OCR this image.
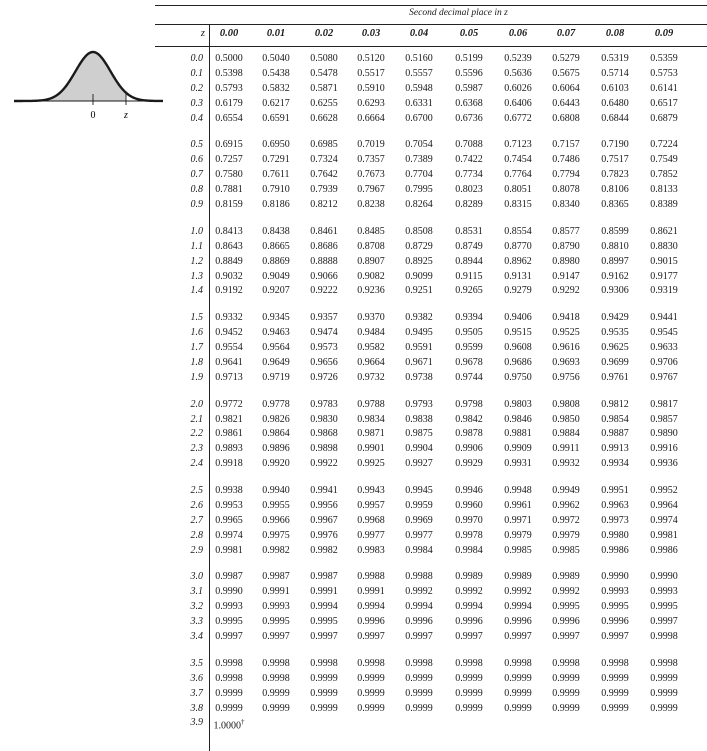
0	z
Second decimal place in z
z	0.00	0.01	0.02	0.03	0.04	0.05	0.06	0.07	0.08	0.09
0.0	0.5000	0.5040	0.5080	0.5120	0.5160	0.5199	0.5239	0.5279	0.5319	0.5359
0.1	0.5398	0.5438	0.5478	0.5517	0.5557	0.5596	0.5636	0.5675	0.5714	0.5753
0.2	0.5793	0.5832	0.5871	0.5910	0.5948	0.5987	0.6026	0.6064	0.6103	0.6141
0.3	0.6179	0.6217	0.6255	0.6293	0.6331	0.6368	0.6406	0.6443	0.6480	0.6517
0.4	0.6554	0.6591	0.6628	0.6664	0.6700	0.6736	0.6772	0.6808	0.6844	0.6879
0.5	0.6915	0.6950	0.6985	0.7019	0.7054	0.7088	0.7123	0.7157	0.7190	0.7224
0.6	0.7257	0.7291	0.7324	0.7357	0.7389	0.7422	0.7454	0.7486	0.7517	0.7549
0.7	0.7580	0.7611	0.7642	0.7673	0.7704	0.7734	0.7764	0.7794	0.7823	0.7852
0.8	0.7881	0.7910	0.7939	0.7967	0.7995	0.8023	0.8051	0.8078	0.8106	0.8133
0.9	0.8159	0.8186	0.8212	0.8238	0.8264	0.8289	0.8315	0.8340	0.8365	0.8389
1.0	0.8413	0.8438	0.8461	0.8485	0.8508	0.8531	0.8554	0.8577	0.8599	0.8621
1.1	0.8643	0.8665	0.8686	0.8708	0.8729	0.8749	0.8770	0.8790	0.8810	0.8830
1.2	0.8849	0.8869	0.8888	0.8907	0.8925	0.8944	0.8962	0.8980	0.8997	0.9015
1.3	0.9032	0.9049	0.9066	0.9082	0.9099	0.9115	0.9131	0.9147	0.9162	0.9177
1.4	0.9192	0.9207	0.9222	0.9236	0.9251	0.9265	0.9279	0.9292	0.9306	0.9319
1.5	0.9332	0.9345	0.9357	0.9370	0.9382	0.9394	0.9406	0.9418	0.9429	0.9441
1.6	0.9452	0.9463	0.9474	0.9484	0.9495	0.9505	0.9515	0.9525	0.9535	0.9545
1.7	0.9554	0.9564	0.9573	0.9582	0.9591	0.9599	0.9608	0.9616	0.9625	0.9633
1.8	0.9641	0.9649	0.9656	0.9664	0.9671	0.9678	0.9686	0.9693	0.9699	0.9706
1.9	0.9713	0.9719	0.9726	0.9732	0.9738	0.9744	0.9750	0.9756	0.9761	0.9767
2.0	0.9772	0.9778	0.9783	0.9788	0.9793	0.9798	0.9803	0.9808	0.9812	0.9817
2.1	0.9821	0.9826	0.9830	0.9834	0.9838	0.9842	0.9846	0.9850	0.9854	0.9857
2.2	0.9861	0.9864	0.9868	0.9871	0.9875	0.9878	0.9881	0.9884	0.9887	0.9890
2.3	0.9893	0.9896	0.9898	0.9901	0.9904	0.9906	0.9909	0.9911	0.9913	0.9916
2.4	0.9918	0.9920	0.9922	0.9925	0.9927	0.9929	0.9931	0.9932	0.9934	0.9936
2.5	0.9938	0.9940	0.9941	0.9943	0.9945	0.9946	0.9948	0.9949	0.9951	0.9952
2.6	0.9953	0.9955	0.9956	0.9957	0.9959	0.9960	0.9961	0.9962	0.9963	0.9964
2.7	0.9965	0.9966	0.9967	0.9968	0.9969	0.9970	0.9971	0.9972	0.9973	0.9974
2.8	0.9974	0.9975	0.9976	0.9977	0.9977	0.9978	0.9979	0.9979	0.9980	0.9981
2.9	0.9981	0.9982	0.9982	0.9983	0.9984	0.9984	0.9985	0.9985	0.9986	0.9986
3.0	0.9987	0.9987	0.9987	0.9988	0.9988	0.9989	0.9989	0.9989	0.9990	0.9990
3.1	0.9990	0.9991	0.9991	0.9991	0.9992	0.9992	0.9992	0.9992	0.9993	0.9993
3.2	0.9993	0.9993	0.9994	0.9994	0.9994	0.9994	0.9994	0.9995	0.9995	0.9995
3.3	0.9995	0.9995	0.9995	0.9996	0.9996	0.9996	0.9996	0.9996	0.9996	0.9997
3.4	0.9997	0.9997	0.9997	0.9997	0.9997	0.9997	0.9997	0.9997	0.9997	0.9998
3.5	0.9998	0.9998	0.9998	0.9998	0.9998	0.9998	0.9998	0.9998	0.9998	0.9998
3.6	0.9998	0.9998	0.9999	0.9999	0.9999	0.9999	0.9999	0.9999	0.9999	0.9999
3.7	0.9999	0.9999	0.9999	0.9999	0.9999	0.9999	0.9999	0.9999	0.9999	0.9999
3.8	0.9999	0.9999	0.9999	0.9999	0.9999	0.9999	0.9999	0.9999	0.9999	0.9999
3.9	1.0000†
